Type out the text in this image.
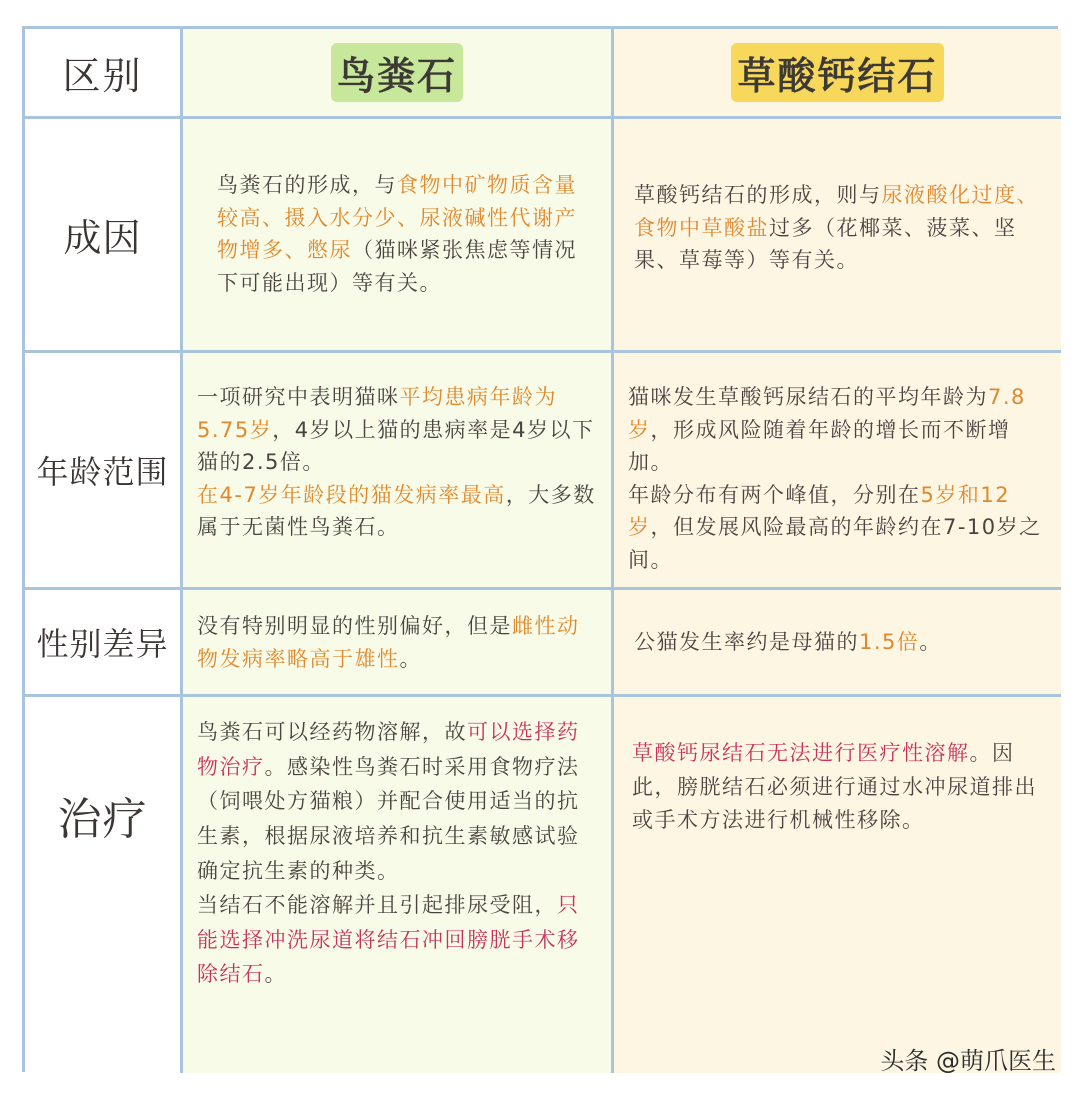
区别	鸟粪石	草酸钙结石
成因

鸟粪石的形成，与食物中矿物质含量较高、摄入水分少、尿液碱性代谢产物增多、憋尿（猫咪紧张焦虑等情况下可能出现）等有关。

草酸钙结石的形成，则与尿液酸化过度、食物中草酸盐过多（花椰菜、菠菜、坚果、草莓等）等有关。

年龄范围

一项研究中表明猫咪平均患病年龄为5.75岁，4岁以上猫的患病率是4岁以下猫的2.5倍。

在4-7岁年龄段的猫发病率最高，大多数属于无菌性鸟粪石。

猫咪发生草酸钙尿结石的平均年龄为7.8岁，形成风险随着年龄的增长而不断增加。

年龄分布有两个峰值，分别在5岁和12岁，但发展风险最高的年龄约在7-10岁之间。

性别差异 没有特别明显的性别偏好，但是雌性动物发病率略高于雄性。

公猫发生率约是母猫的1.5倍。

治疗

鸟粪石可以经药物溶解，故可以选择药物治疗。感染性鸟粪石时采用食物疗法（饲喂处方猫粮）并配合使用适当的抗生素，根据尿液培养和抗生素敏感试验确定抗生素的种类。

当结石不能溶解并且引起排尿受阻，只能选择冲洗尿道将结石冲回膀胱手术移除结石。

草酸钙尿结石无法进行医疗性溶解。因此，膀胱结石必须进行通过水冲尿道排出或手术方法进行机械性移除。

头条 @萌爪医生
